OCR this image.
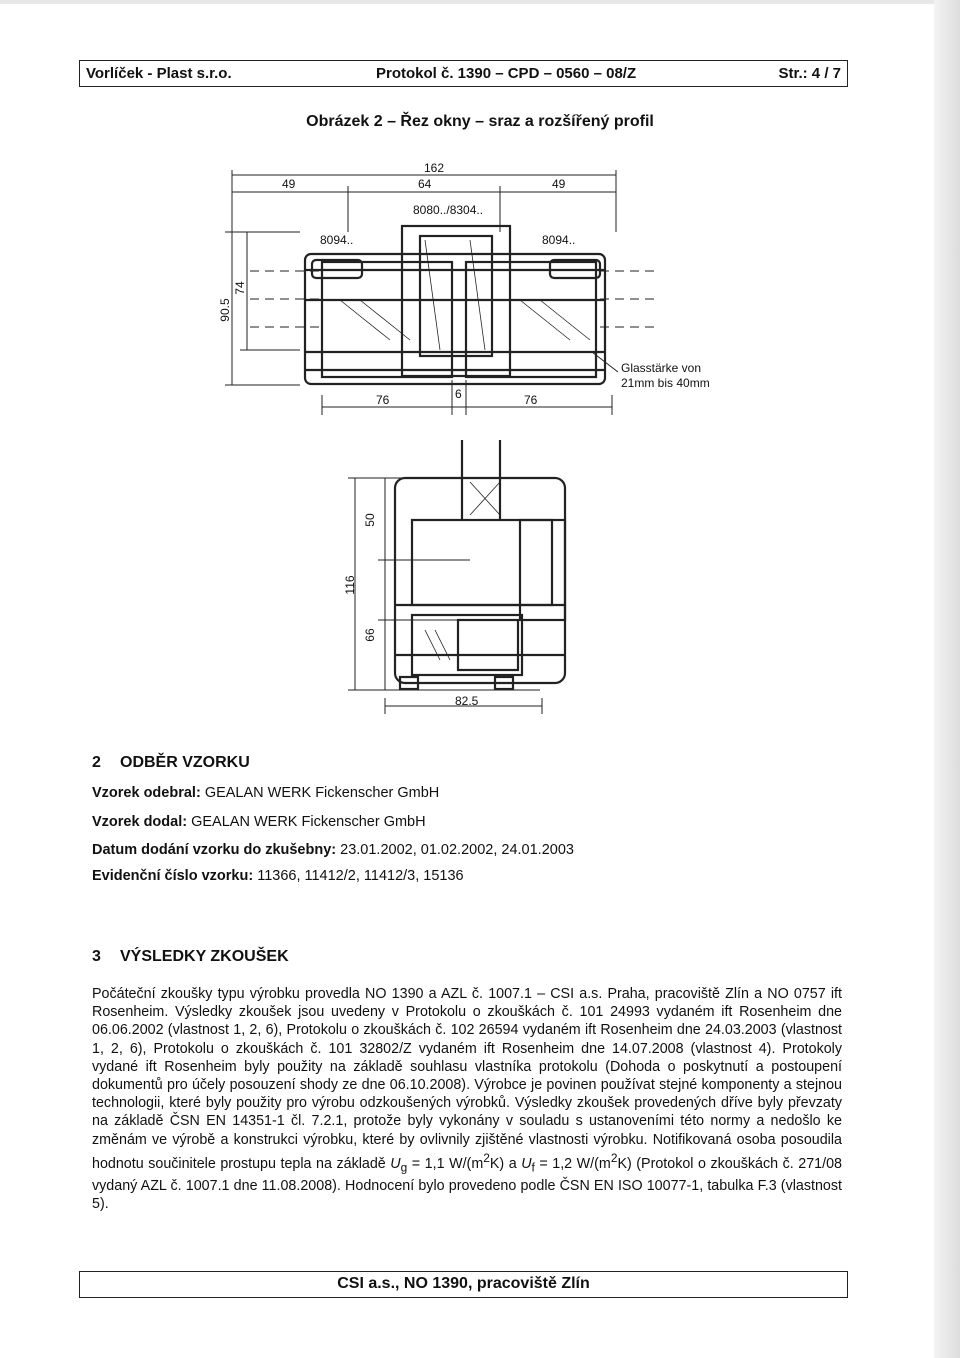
Vorlíček - Plast s.r.o.	Protokol č. 1390 – CPD – 0560 – 08/Z	Str.: 4 / 7
Obrázek 2 – Řez okny – sraz a rozšířený profil
162
49	64	49
8080../8304..
8094..	8094..
90.5
74
76	6	76
Glasstärke von
21mm bis 40mm
50
116
66
82.5
2 ODBĚR VZORKU
Vzorek odebral: GEALAN WERK Fickenscher GmbH
Vzorek dodal: GEALAN WERK Fickenscher GmbH
Datum dodání vzorku do zkušebny: 23.01.2002, 01.02.2002, 24.01.2003
Evidenční číslo vzorku: 11366, 11412/2, 11412/3, 15136
3 VÝSLEDKY ZKOUŠEK
Počáteční zkoušky typu výrobku provedla NO 1390 a AZL č. 1007.1 – CSI a.s. Praha, pracoviště Zlín a NO 0757 ift Rosenheim. Výsledky zkoušek jsou uvedeny v Protokolu o zkouškách č. 101 24993 vydaném ift Rosenheim dne 06.06.2002 (vlastnost 1, 2, 6), Protokolu o zkouškách č. 102 26594 vydaném ift Rosenheim dne 24.03.2003 (vlastnost 1, 2, 6), Protokolu o zkouškách č. 101 32802/Z vydaném ift Rosenheim dne 14.07.2008 (vlastnost 4). Protokoly vydané ift Rosenheim byly použity na základě souhlasu vlastníka protokolu (Dohoda o poskytnutí a postoupení dokumentů pro účely posouzení shody ze dne 06.10.2008). Výrobce je povinen používat stejné komponenty a stejnou technologii, které byly použity pro výrobu odzkoušených výrobků. Výsledky zkoušek provedených dříve byly převzaty na základě ČSN EN 14351-1 čl. 7.2.1, protože byly vykonány v souladu s ustanoveními této normy a nedošlo ke změnám ve výrobě a konstrukci výrobku, které by ovlivnily zjištěné vlastnosti výrobku. Notifikovaná osoba posoudila hodnotu součinitele prostupu tepla na základě $U_g = 1,1$ $W/(m^2K)$ a $U_f = 1,2$ $W/(m^2K)$ (Protokol o zkouškách č. 271/08 vydaný AZL č. 1007.1 dne 11.08.2008). Hodnocení bylo provedeno podle ČSN EN ISO 10077-1, tabulka F.3 (vlastnost 5).
CSI a.s., NO 1390, pracoviště Zlín
